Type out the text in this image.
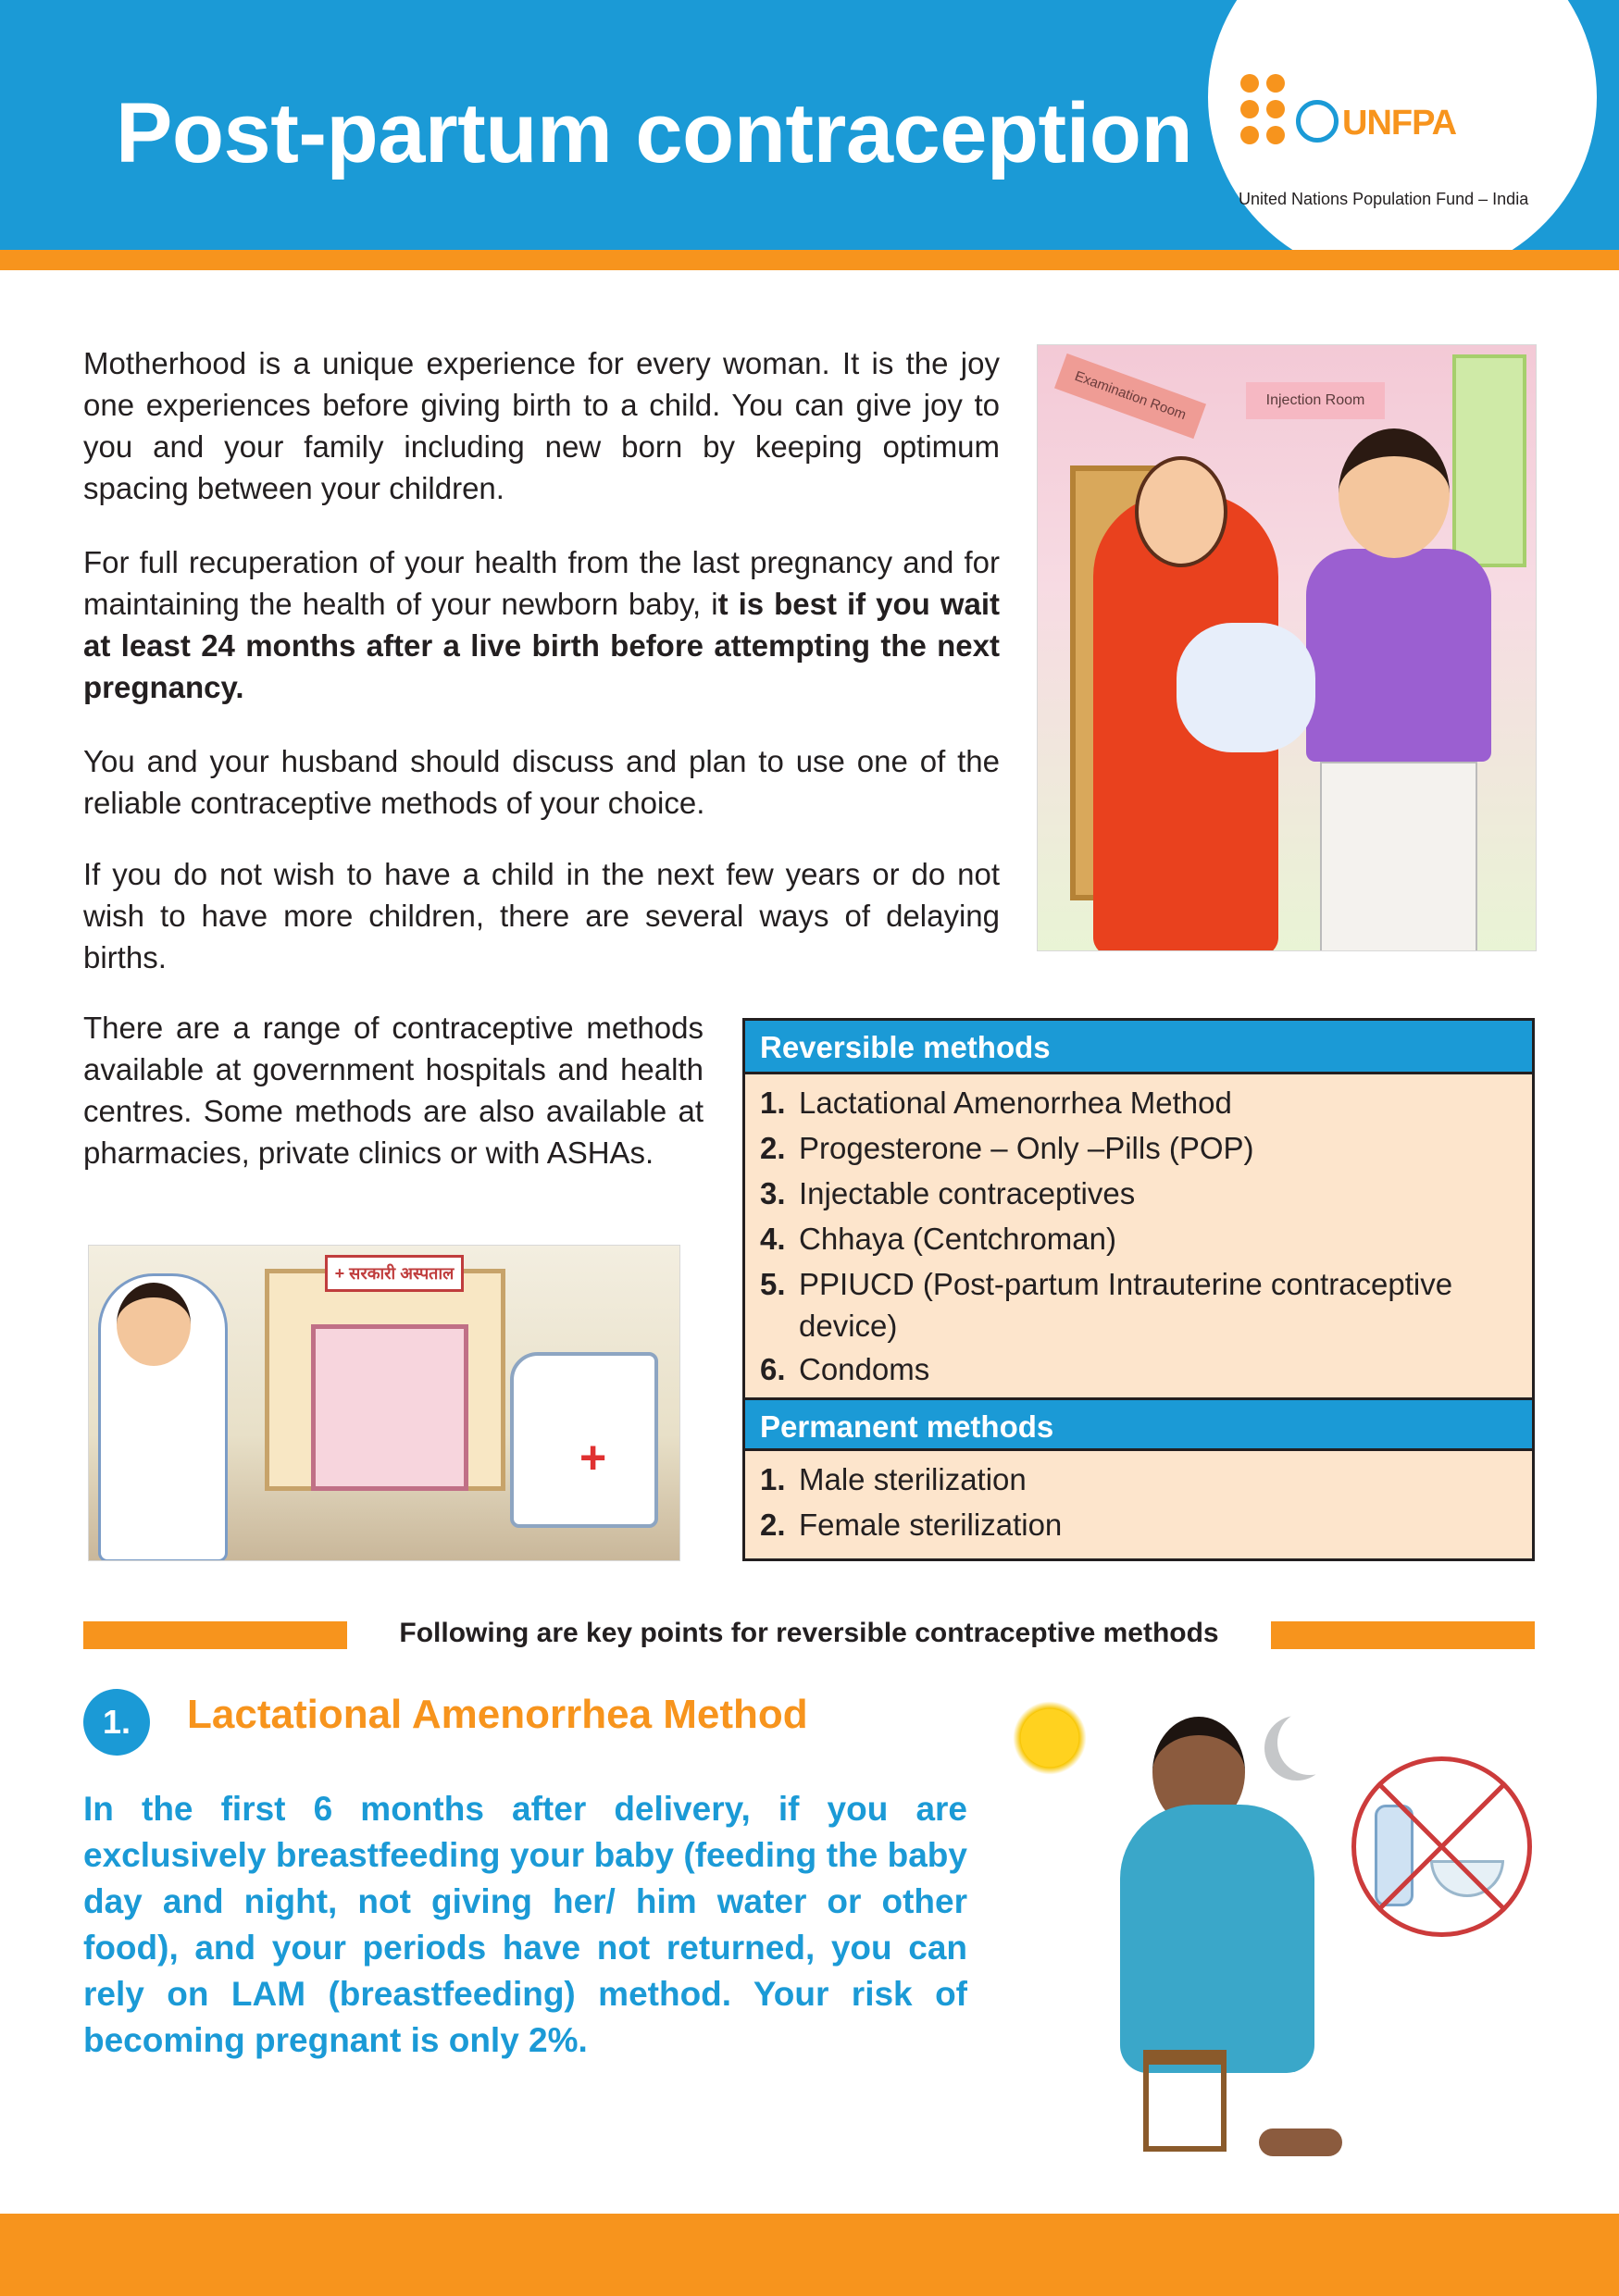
Post-partum contraception	UNFPA
United Nations Population Fund – India

Motherhood is a unique experience for every woman. It is the joy one experiences before giving birth to a child. You can give joy to you and your family including new born by keeping optimum spacing between your children.

For full recuperation of your health from the last pregnancy and for maintaining the health of your newborn baby, it is best if you wait at least 24 months after a live birth before attempting the next pregnancy.

You and your husband should discuss and plan to use one of the reliable contraceptive methods of your choice.

If you do not wish to have a child in the next few years or do not wish to have more children, there are several ways of delaying births.

There are a range of contraceptive methods available at government hospitals and health centres. Some methods are also available at pharmacies, private clinics or with ASHAs.

Examination Room	Injection Room
+ सरकारी अस्पताल
+
Reversible methods
1. Lactational Amenorrhea Method
2. Progesterone – Only –Pills (POP)
3. Injectable contraceptives
4. Chhaya (Centchroman)
5. PPIUCD (Post-partum Intrauterine contraceptive device)
6. Condoms
Permanent methods
1. Male sterilization
2. Female sterilization
Following are key points for reversible contraceptive methods
1.	Lactational Amenorrhea Method

In the first 6 months after delivery, if you are exclusively breastfeeding your baby (feeding the baby day and night, not giving her/ him water or other food), and your periods have not returned, you can rely on LAM (breastfeeding) method. Your risk of becoming pregnant is only 2%.
